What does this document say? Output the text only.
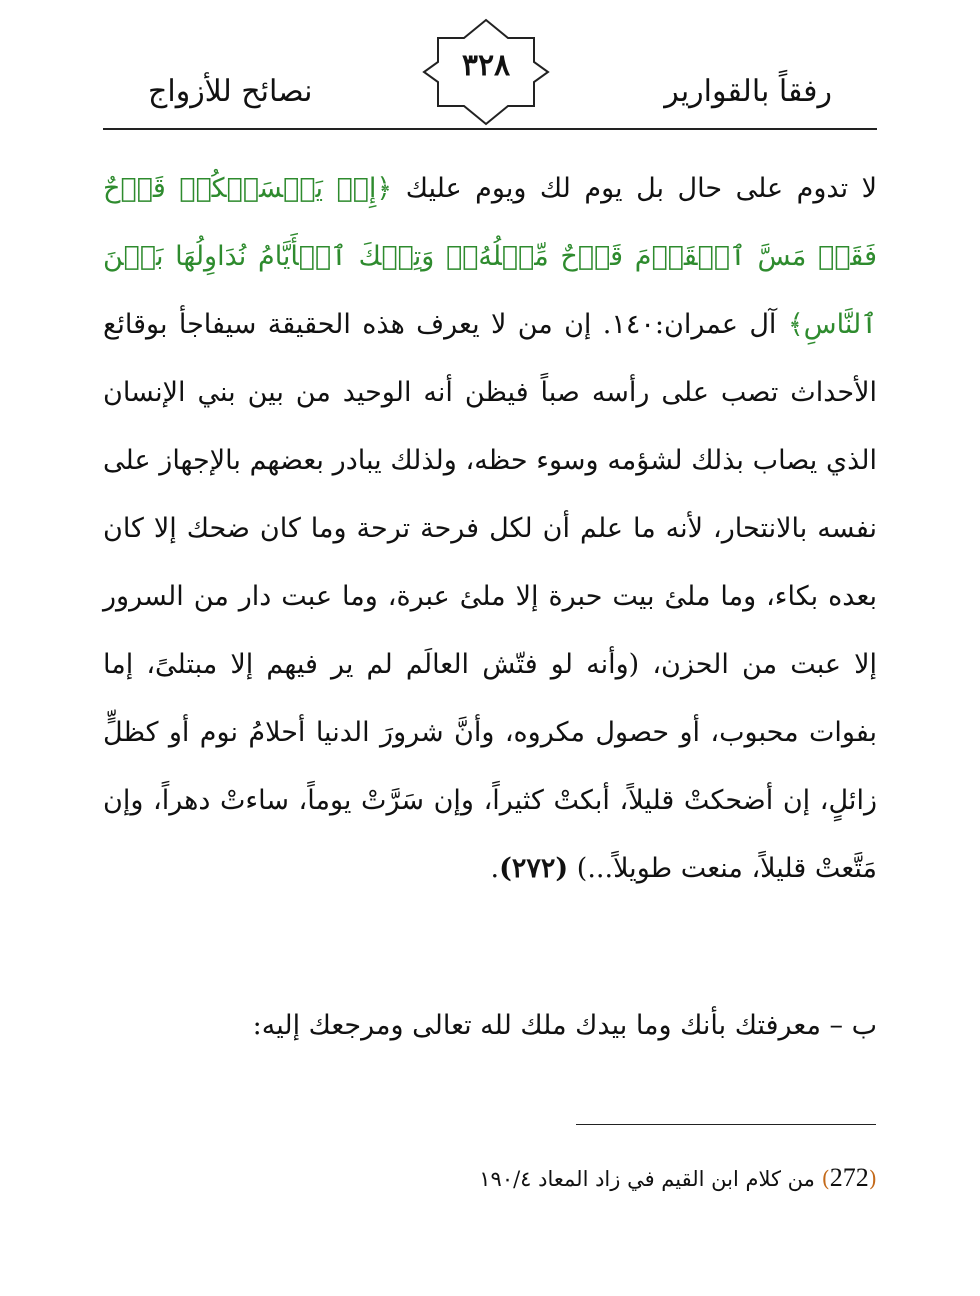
رفقاً بالقوارير
٣٢٨
نصائح للأزواج

لا تدوم على حال بل يوم لك ويوم عليك ﴿إِنۡ يَمۡسَسۡكُمۡ قَرۡحٌ فَقَدۡ مَسَّ ٱلۡقَوۡمَ قَرۡحٌ مِّثۡلُهُۥۚ وَتِلۡكَ ٱلۡأَيَّامُ نُدَاوِلُهَا بَيۡنَ ٱلنَّاسِ﴾ آل عمران:١٤٠. إن من لا يعرف هذه الحقيقة سيفاجأ بوقائع الأحداث تصب على رأسه صباً فيظن أنه الوحيد من بين بني الإنسان الذي يصاب بذلك لشؤمه وسوء حظه، ولذلك يبادر بعضهم بالإجهاز على نفسه بالانتحار، لأنه ما علم أن لكل فرحة ترحة وما كان ضحك إلا كان بعده بكاء، وما ملئ بيت حبرة إلا ملئ عبرة، وما عبت دار من السرور إلا عبت من الحزن، (وأنه لو فتّش العالَم لم ير فيهم إلا مبتلىً، إما بفوات محبوب، أو حصول مكروه، وأنَّ شرورَ الدنيا أحلامُ نوم أو كظلٍّ زائلٍ، إن أضحكتْ قليلاً، أبكتْ كثيراً، وإن سَرَّتْ يوماً، ساءتْ دهراً، وإن مَتَّعتْ قليلاً، منعت طويلاً...) (٢٧٢).

ب – معرفتك بأنك وما بيدك ملك لله تعالى ومرجعك إليه:

(272) من كلام ابن القيم في زاد المعاد ١٩٠/٤
